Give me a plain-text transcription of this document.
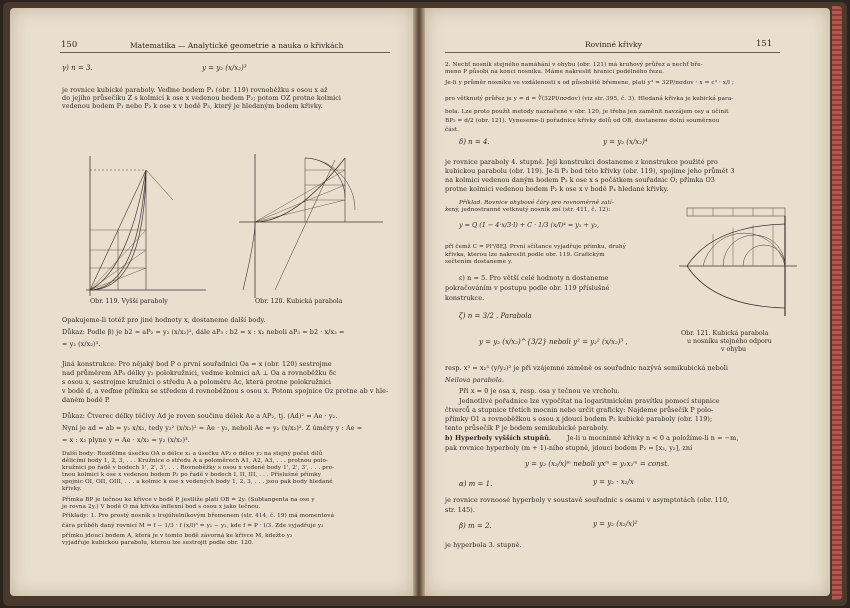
150	Matematika — Analytické geometrie a nauka o křivkách
γ) n = 3.	y = y₂ (x/x₂)³
je rovnice kubické paraboly. Veďme bodem P₁ (obr. 119) rovnoběžku s osou x až
do jejího průsečíku Z s kolmicí k ose x vedenou bodem P₂; potom OZ protne kolmici
vedenou bodem P₁ nebo P₂ k ose x v bodě P₃, který je hledaným bodem křivky.
Obr. 119. Vyšší paraboly	Obr. 120. Kubická parabola
Opakujeme-li totéž pro jiné hodnoty x, dostaneme další body.
Důkaz: Podle β) je b2 = aP₂ = y₂ (x/x₂)², dále aP₃ : b2 = x : x₂ neboli aP₃ = b2 · x/x₂ =
= y₂ (x/x₂)³.
Jiná konstrukce: Pro nějaký bod P o první souřadnici Oa = x (obr. 120) sestrojme
nad průměrem AP₀ délky y₂ polokružnici, vedme kolmici aA ⊥ Oa a rovnoběžku δc
s osou x, sestrojme kružnici o středu A a poloměru Ac, která protne polokružnici
v bodě d, a veďme přímku se středem d rovnoběžnou s osou x. Potom spojnice Oz protne ab v hle-
daném bodě P.
Důkaz: Čtverec délky těčivy Ad je roven součinu délek Ae a AP₂, tj. (Ad)² = Ae · y₂.
Nyní je ad = ab = y₂ x/x₂, tedy y₂² (x/x₂)² = Ae · y₂, neboli Ae = y₂ (x/x₂)². Z úměry y : Ae =
= x : x₂ plyne y = Ae · x/x₂ = y₂ (x/x₂)³.
Další body: Rozdělme úsečku OA o délce x₂ a úsečku AP₂ o délce y₂ na stejný počet dílů
dělicími body 1, 2, 3, . . . Kružnice o středu A a poloměrech A1, A2, A3, . . . protnou polo-
kružnici po řadě v bodech 1', 2', 3', . . . Rovnoběžky s osou x vedené body 1', 2', 3', . . . pro-
tnou kolmici k ose x vedenou bodem P₂ po řadě v bodech I, II, III, . . . Příslušné přímky
spojnic OI, OII, OIII, . . . a kolmic k ose x vedených body 1, 2, 3, . . . jsou pak body hledané
křivky.
Přímka BP je tečnou ke křivce v bodě P, jestliže platí OB = 2y. (Subtangenta na ose y
je rovna 2y.) V bodě O má křivka inflexní bod s osou x jako tečnou.
Příklady: 1. Pro prostý nosník s trojúhelníkovým břemenem (str. 414, č. 19) má momentová
čára průběh daný rovnicí M = f − 1/3 · f (x/l)³ = y₁ − y₂, kde f = P · l/3. Zde vyjadřuje y₂
přímku jdoucí bodem A, která je v tomto bodě závorná ke křivce M, kdežto y₂
vyjadřuje kubickou parabolu, kterou lze sestrojit podle obr. 120.
Rovinné křivky	151
2. Nechť nosník stejného namáhání v ohybu (obr. 121) má kruhový průřez a nechť bře-
meno P působí na konci nosníku. Máme nakreslit hranici podélného řezu.
Je-li y průměr nosníku ve vzdálenosti x od působiště břemene, platí y³ = 32P/πσdov · x = c³ · x/l ;
pro větknutý průřez je y = d = ∛(32Pl/πσdov) (viz str. 395, č. 3). Hledaná křivka je kubická para-
bola. Lze proto použít metody naznačené v obr. 120, je třeba jen zaměnit navzájem osy a učinit
BP₂ = d/2 (obr. 121). Vyneseme-li pořadnice křivky dolů od OB, dostaneme dolní souměrnou
část.
δ) n = 4.	y = y₂ (x/x₂)⁴
je rovnice paraboly 4. stupně. Její konstrukci dostaneme z konstrukce použité pro
kubickou parabolu (obr. 119). Je-li P₃ bod této křivky (obr. 119), spojíme jeho průmět 3
na kolmici vedenou daným bodem P₂ k ose x s počátkem souřadnic O; přímka O3
protne kolmici vedenou bodem P₂ k ose x v bodě P₄ hledané křivky.
Příklad. Rovnice ohybové čáry pro rovnoměrně zatí-
žený, jednostranně vetknutý nosník zní (str. 411, č. 12):
y = Q (1 − 4·x/3·l) + C · 1/3 (x/l)⁴ = y₁ + y₂,
při čemž C = Pl³/8EJ. První sčítance vyjadřuje přímku, druhý
křivka, kterou lze nakreslit podle obr. 119. Grafickým
sečtením dostaneme y.
ε) n = 5. Pro větší celé hodnoty n dostaneme
pokračováním v postupu podle obr. 119 příslušné
konstrukce.
ζ) n = 3/2 . Parabola
y = y₂ (x/x₂)^{3/2} neboli y² = y₂² (x/x₂)³ ,
Obr. 121. Kubická parabola
u nosníku stejného odporu
v ohybu
resp. x³ = x₂³ (y/y₂)² je při vzájemné záměně os souřadnic nazývá semikubická neboli
Neilova parabola.
Při x = 0 je osa x, resp. osa y tečnou ve vrcholu.
Jednotlivé pořadnice lze vypočítat na logaritmickém pravítku pomocí stupnice
čtverců a stupnice třetích mocnin nebo určit graficky: Najdeme průsečík P polo-
přímky O1 a rovnoběžkou s osou x jdoucí bodem P₂ kubické paraboly (obr. 119);
tento průsečík P je bodem semikubické paraboly.
b) Hyperboly vyšších stupňů. Je-li u mocninné křivky n < 0 a položíme-li n = −m,
pak rovnice hyperboly (m + 1)-ního stupně, jdoucí bodem P₂ = [x₂, y₂], zní
y = y₂ (x₂/x)ᵐ neboli yxᵐ = y₂x₂ᵐ = const.
α) m = 1.	y = y₂ · x₂/x
je rovnice rovnoosé hyperboly v soustavě souřadnic s osami v asymptotách (obr. 110,
str. 145).
β) m = 2.	y = y₂ (x₂/x)²
je hyperbola 3. stupně.
